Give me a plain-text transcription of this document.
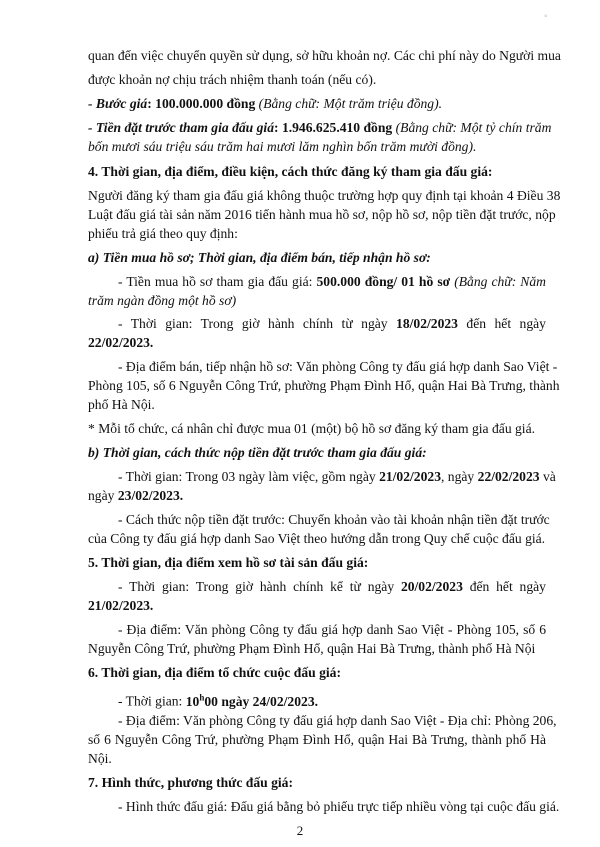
◦
quan đến việc chuyển quyền sử dụng, sở hữu khoản nợ. Các chi phí này do Người mua
được khoản nợ chịu trách nhiệm thanh toán (nếu có).
- Bước giá: 100.000.000 đồng (Bằng chữ: Một trăm triệu đồng).
- Tiền đặt trước tham gia đấu giá: 1.946.625.410 đồng (Bằng chữ: Một tỷ chín trăm
bốn mươi sáu triệu sáu trăm hai mươi lăm nghìn bốn trăm mười đồng).
4. Thời gian, địa điểm, điều kiện, cách thức đăng ký tham gia đấu giá:
Người đăng ký tham gia đấu giá không thuộc trường hợp quy định tại khoản 4 Điều 38
Luật đấu giá tài sản năm 2016 tiến hành mua hồ sơ, nộp hồ sơ, nộp tiền đặt trước, nộp
phiếu trả giá theo quy định:
a) Tiền mua hồ sơ; Thời gian, địa điểm bán, tiếp nhận hồ sơ:
- Tiền mua hồ sơ tham gia đấu giá: 500.000 đồng/ 01 hồ sơ (Bằng chữ: Năm
trăm ngàn đồng một hồ sơ)
- Thời gian: Trong giờ hành chính từ ngày 18/02/2023 đến hết ngày
22/02/2023.
- Địa điểm bán, tiếp nhận hồ sơ: Văn phòng Công ty đấu giá hợp danh Sao Việt -
Phòng 105, số 6 Nguyễn Công Trứ, phường Phạm Đình Hổ, quận Hai Bà Trưng, thành
phố Hà Nội.
* Mỗi tổ chức, cá nhân chỉ được mua 01 (một) bộ hồ sơ đăng ký tham gia đấu giá.
b) Thời gian, cách thức nộp tiền đặt trước tham gia đấu giá:
- Thời gian: Trong 03 ngày làm việc, gồm ngày 21/02/2023, ngày 22/02/2023 và
ngày 23/02/2023.
- Cách thức nộp tiền đặt trước: Chuyển khoản vào tài khoản nhận tiền đặt trước
của Công ty đấu giá hợp danh Sao Việt theo hướng dẫn trong Quy chế cuộc đấu giá.
5. Thời gian, địa điểm xem hồ sơ tài sản đấu giá:
- Thời gian: Trong giờ hành chính kể từ ngày 20/02/2023 đến hết ngày
21/02/2023.
- Địa điểm: Văn phòng Công ty đấu giá hợp danh Sao Việt - Phòng 105, số 6
Nguyễn Công Trứ, phường Phạm Đình Hổ, quận Hai Bà Trưng, thành phố Hà Nội
6. Thời gian, địa điểm tổ chức cuộc đấu giá:
- Thời gian: 10$^h$00 ngày 24/02/2023.
- Địa điểm: Văn phòng Công ty đấu giá hợp danh Sao Việt - Địa chỉ: Phòng 206,
số 6 Nguyễn Công Trứ, phường Phạm Đình Hổ, quận Hai Bà Trưng, thành phố Hà
Nội.
7. Hình thức, phương thức đấu giá:
- Hình thức đấu giá: Đấu giá bằng bỏ phiếu trực tiếp nhiều vòng tại cuộc đấu giá.
2
